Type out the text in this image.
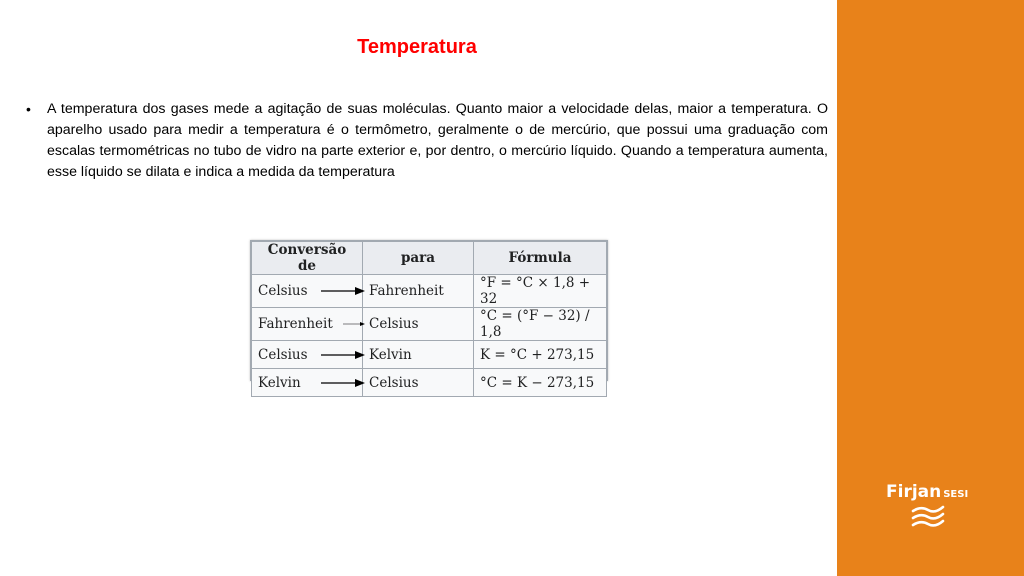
Temperatura
• A temperatura dos gases mede a agitação de suas moléculas. Quanto maior a velocidade delas, maior a temperatura. O aparelho usado para medir a temperatura é o termômetro, geralmente o de mercúrio, que possui uma graduação com escalas termométricas no tubo de vidro na parte exterior e, por dentro, o mercúrio líquido. Quando a temperatura aumenta, esse líquido se dilata e indica a medida da temperatura

Conversão de	para	Fórmula
Celsius	Fahrenheit	°F = °C × 1,8 + 32
Fahrenheit	Celsius	°C = (°F − 32) / 1,8
Celsius	Kelvin	K = °C + 273,15
Kelvin	Celsius	°C = K − 273,15
Firjan SESI
